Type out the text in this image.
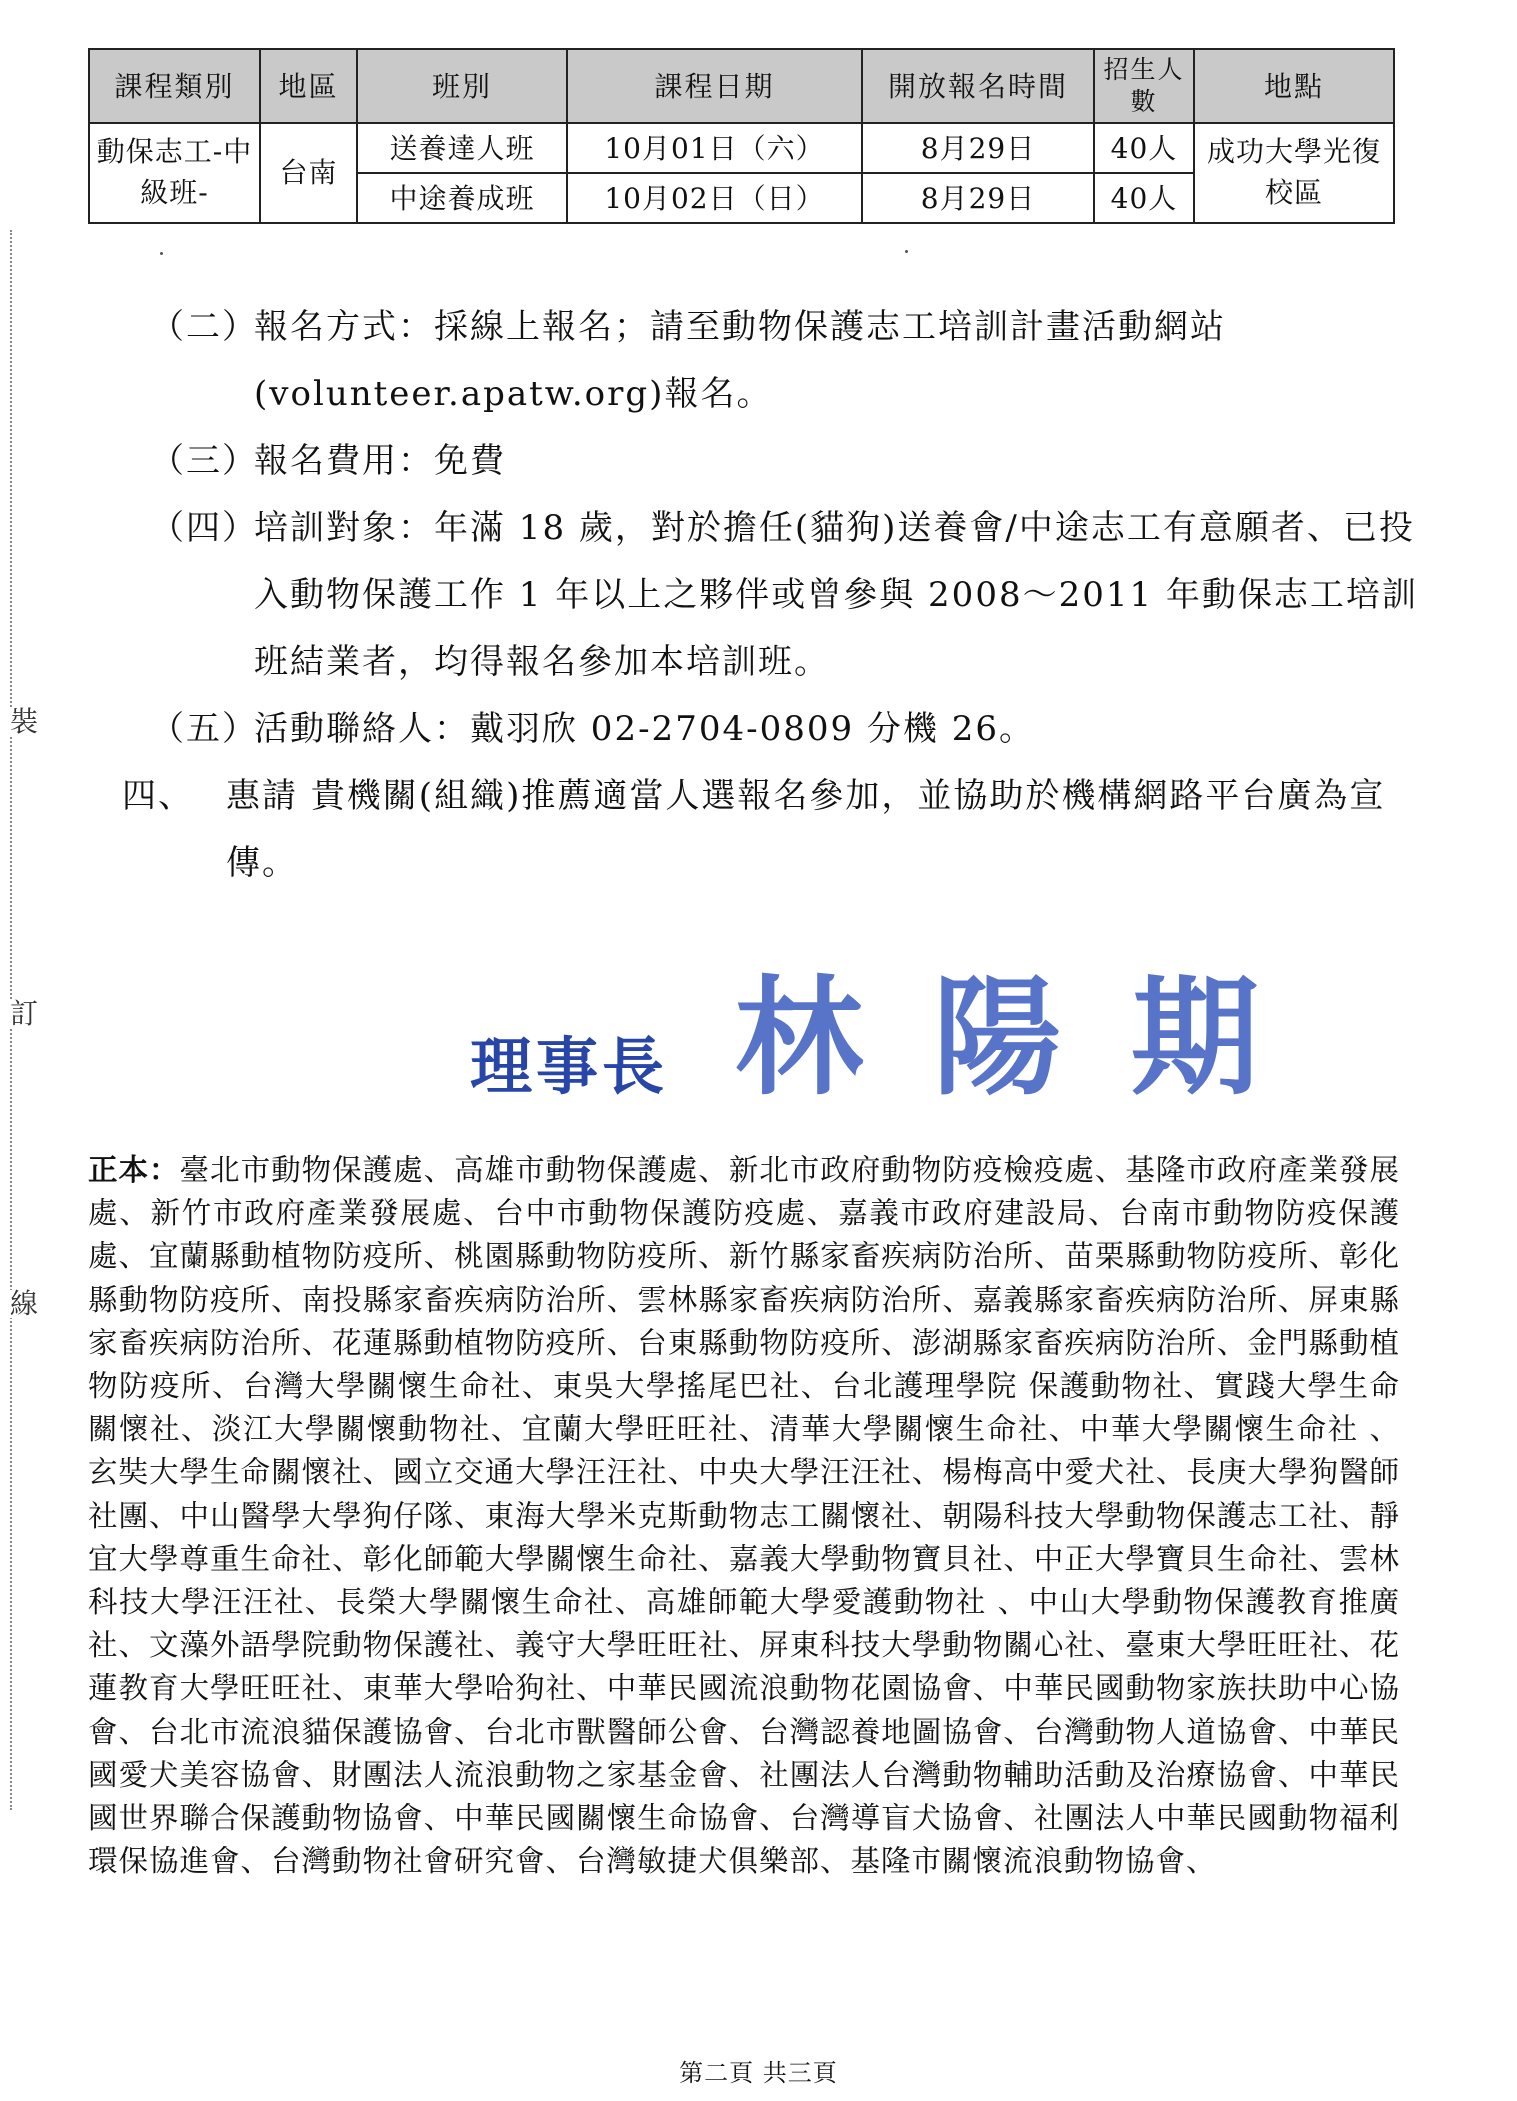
裝
訂
線
課程類別	地區	班別	課程日期	開放報名時間	招生人數	地點
動保志工-中級班-	台南	送養達人班	10月01日（六）	8月29日	40人	成功大學光復校區
		中途養成班	10月02日（日）	8月29日	40人	
（二）
報名方式：採線上報名；請至動物保護志工培訓計畫活動網站(volunteer.apatw.org)報名。
（三）
報名費用：免費
（四）
培訓對象：年滿 18 歲，對於擔任(貓狗)送養會/中途志工有意願者、已投入動物保護工作 1 年以上之夥伴或曾參與 2008～2011 年動保志工培訓班結業者，均得報名參加本培訓班。
（五）
活動聯絡人：戴羽欣 02-2704-0809 分機 26。
四、 惠請 貴機關(組織)推薦適當人選報名參加，並協助於機構網路平台廣為宣傳。
理事長 林陽期
正本：臺北市動物保護處、高雄市動物保護處、新北市政府動物防疫檢疫處、基隆市政府產業發展處、新竹市政府產業發展處、台中市動物保護防疫處、嘉義市政府建設局、台南市動物防疫保護處、宜蘭縣動植物防疫所、桃園縣動物防疫所、新竹縣家畜疾病防治所、苗栗縣動物防疫所、彰化縣動物防疫所、南投縣家畜疾病防治所、雲林縣家畜疾病防治所、嘉義縣家畜疾病防治所、屏東縣家畜疾病防治所、花蓮縣動植物防疫所、台東縣動物防疫所、澎湖縣家畜疾病防治所、金門縣動植物防疫所、台灣大學關懷生命社、東吳大學搖尾巴社、台北護理學院 保護動物社、實踐大學生命關懷社、淡江大學關懷動物社、宜蘭大學旺旺社、清華大學關懷生命社、中華大學關懷生命社 、玄奘大學生命關懷社、國立交通大學汪汪社、中央大學汪汪社、楊梅高中愛犬社、長庚大學狗醫師社團、中山醫學大學狗仔隊、東海大學米克斯動物志工關懷社、朝陽科技大學動物保護志工社、靜宜大學尊重生命社、彰化師範大學關懷生命社、嘉義大學動物寶貝社、中正大學寶貝生命社、雲林科技大學汪汪社、長榮大學關懷生命社、高雄師範大學愛護動物社 、中山大學動物保護教育推廣社、文藻外語學院動物保護社、義守大學旺旺社、屏東科技大學動物關心社、臺東大學旺旺社、花蓮教育大學旺旺社、東華大學哈狗社、中華民國流浪動物花園協會、中華民國動物家族扶助中心協會、台北市流浪貓保護協會、台北市獸醫師公會、台灣認養地圖協會、台灣動物人道協會、中華民國愛犬美容協會、財團法人流浪動物之家基金會、社團法人台灣動物輔助活動及治療協會、中華民國世界聯合保護動物協會、中華民國關懷生命協會、台灣導盲犬協會、社團法人中華民國動物福利環保協進會、台灣動物社會研究會、台灣敏捷犬俱樂部、基隆市關懷流浪動物協會、
第二頁 共三頁
